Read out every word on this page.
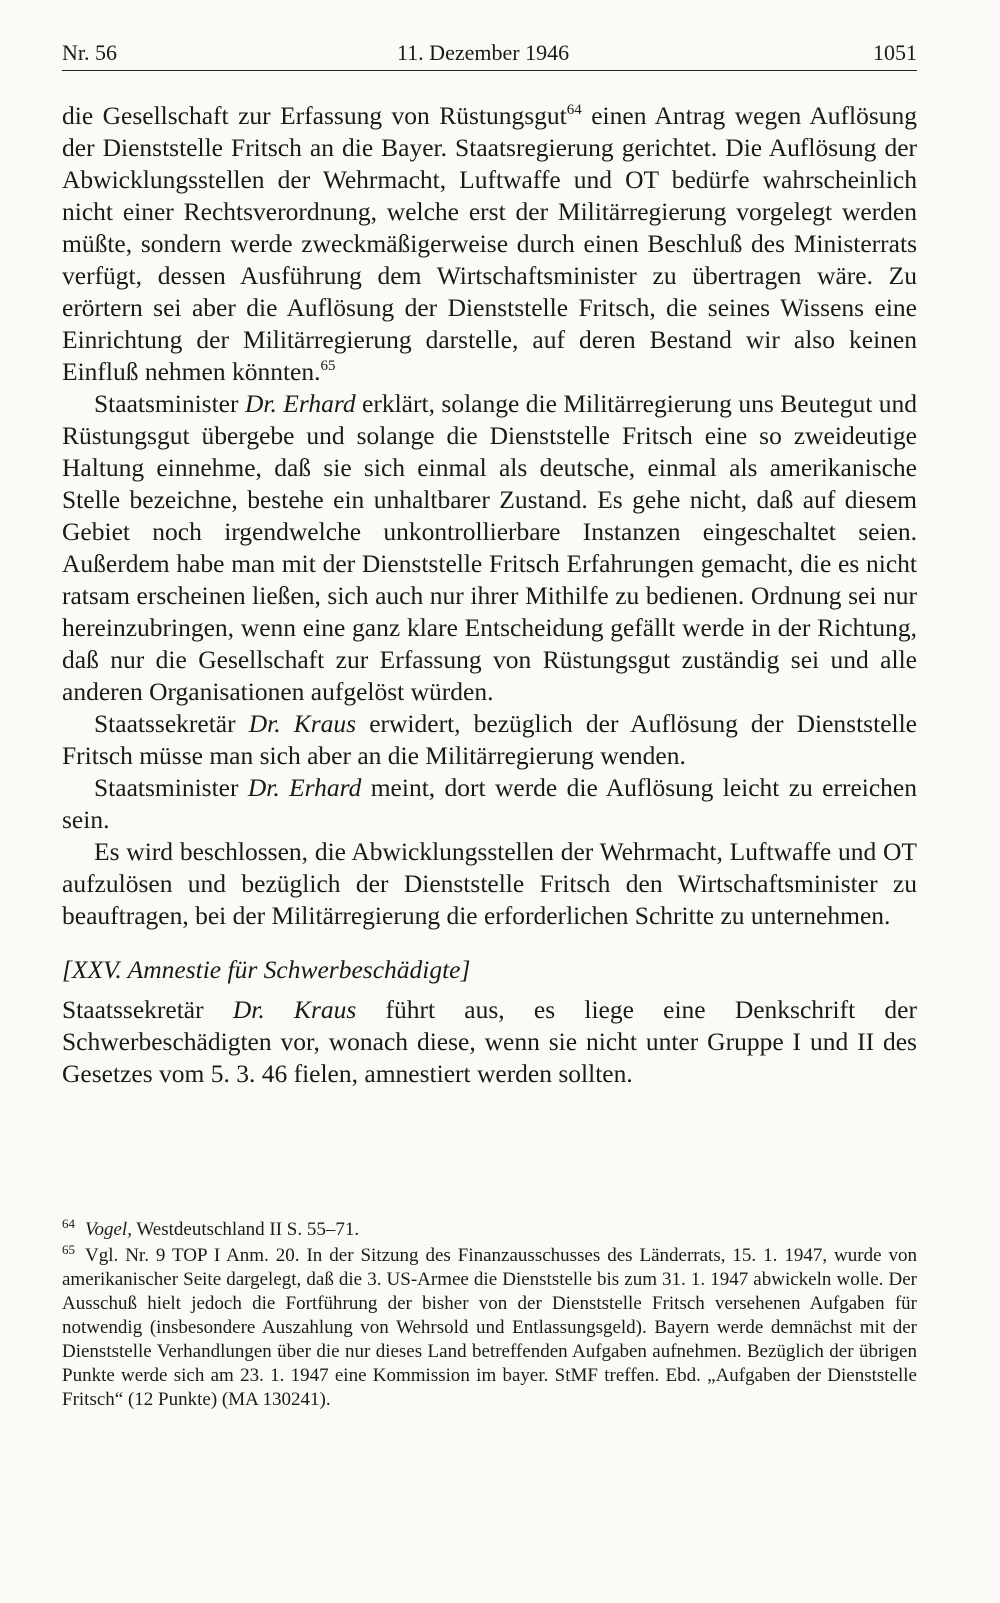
Nr. 56	11. Dezember 1946	1051

die Gesellschaft zur Erfassung von Rüstungsgut$^{64}$ einen Antrag wegen Auflösung der Dienststelle Fritsch an die Bayer. Staatsregierung gerichtet. Die Auflösung der Abwicklungsstellen der Wehrmacht, Luftwaffe und OT bedürfe wahrscheinlich nicht einer Rechtsverordnung, welche erst der Militärregierung vorgelegt werden müßte, sondern werde zweckmäßigerweise durch einen Beschluß des Ministerrats verfügt, dessen Ausführung dem Wirtschaftsminister zu übertragen wäre. Zu erörtern sei aber die Auflösung der Dienststelle Fritsch, die seines Wissens eine Einrichtung der Militärregierung darstelle, auf deren Bestand wir also keinen Einfluß nehmen könnten.$^{65}$

Staatsminister Dr. Erhard erklärt, solange die Militärregierung uns Beutegut und Rüstungsgut übergebe und solange die Dienststelle Fritsch eine so zweideutige Haltung einnehme, daß sie sich einmal als deutsche, einmal als amerikanische Stelle bezeichne, bestehe ein unhaltbarer Zustand. Es gehe nicht, daß auf diesem Gebiet noch irgendwelche unkontrollierbare Instanzen eingeschaltet seien. Außerdem habe man mit der Dienststelle Fritsch Erfahrungen gemacht, die es nicht ratsam erscheinen ließen, sich auch nur ihrer Mithilfe zu bedienen. Ordnung sei nur hereinzubringen, wenn eine ganz klare Entscheidung gefällt werde in der Richtung, daß nur die Gesellschaft zur Erfassung von Rüstungsgut zuständig sei und alle anderen Organisationen aufgelöst würden.

Staatssekretär Dr. Kraus erwidert, bezüglich der Auflösung der Dienststelle Fritsch müsse man sich aber an die Militärregierung wenden.

Staatsminister Dr. Erhard meint, dort werde die Auflösung leicht zu erreichen sein.

Es wird beschlossen, die Abwicklungsstellen der Wehrmacht, Luftwaffe und OT aufzulösen und bezüglich der Dienststelle Fritsch den Wirtschaftsminister zu beauftragen, bei der Militärregierung die erforderlichen Schritte zu unternehmen.

[XXV. Amnestie für Schwerbeschädigte]

Staatssekretär Dr. Kraus führt aus, es liege eine Denkschrift der Schwerbeschädigten vor, wonach diese, wenn sie nicht unter Gruppe I und II des Gesetzes vom 5. 3. 46 fielen, amnestiert werden sollten.

$^{64}$ Vogel, Westdeutschland II S. 55–71.

$^{65}$ Vgl. Nr. 9 TOP I Anm. 20. In der Sitzung des Finanzausschusses des Länderrats, 15. 1. 1947, wurde von amerikanischer Seite dargelegt, daß die 3. US-Armee die Dienststelle bis zum 31. 1. 1947 abwickeln wolle. Der Ausschuß hielt jedoch die Fortführung der bisher von der Dienststelle Fritsch versehenen Aufgaben für notwendig (insbesondere Auszahlung von Wehrsold und Entlassungsgeld). Bayern werde demnächst mit der Dienststelle Verhandlungen über die nur dieses Land betreffenden Aufgaben aufnehmen. Bezüglich der übrigen Punkte werde sich am 23. 1. 1947 eine Kommission im bayer. StMF treffen. Ebd. „Aufgaben der Dienststelle Fritsch“ (12 Punkte) (MA 130241).
